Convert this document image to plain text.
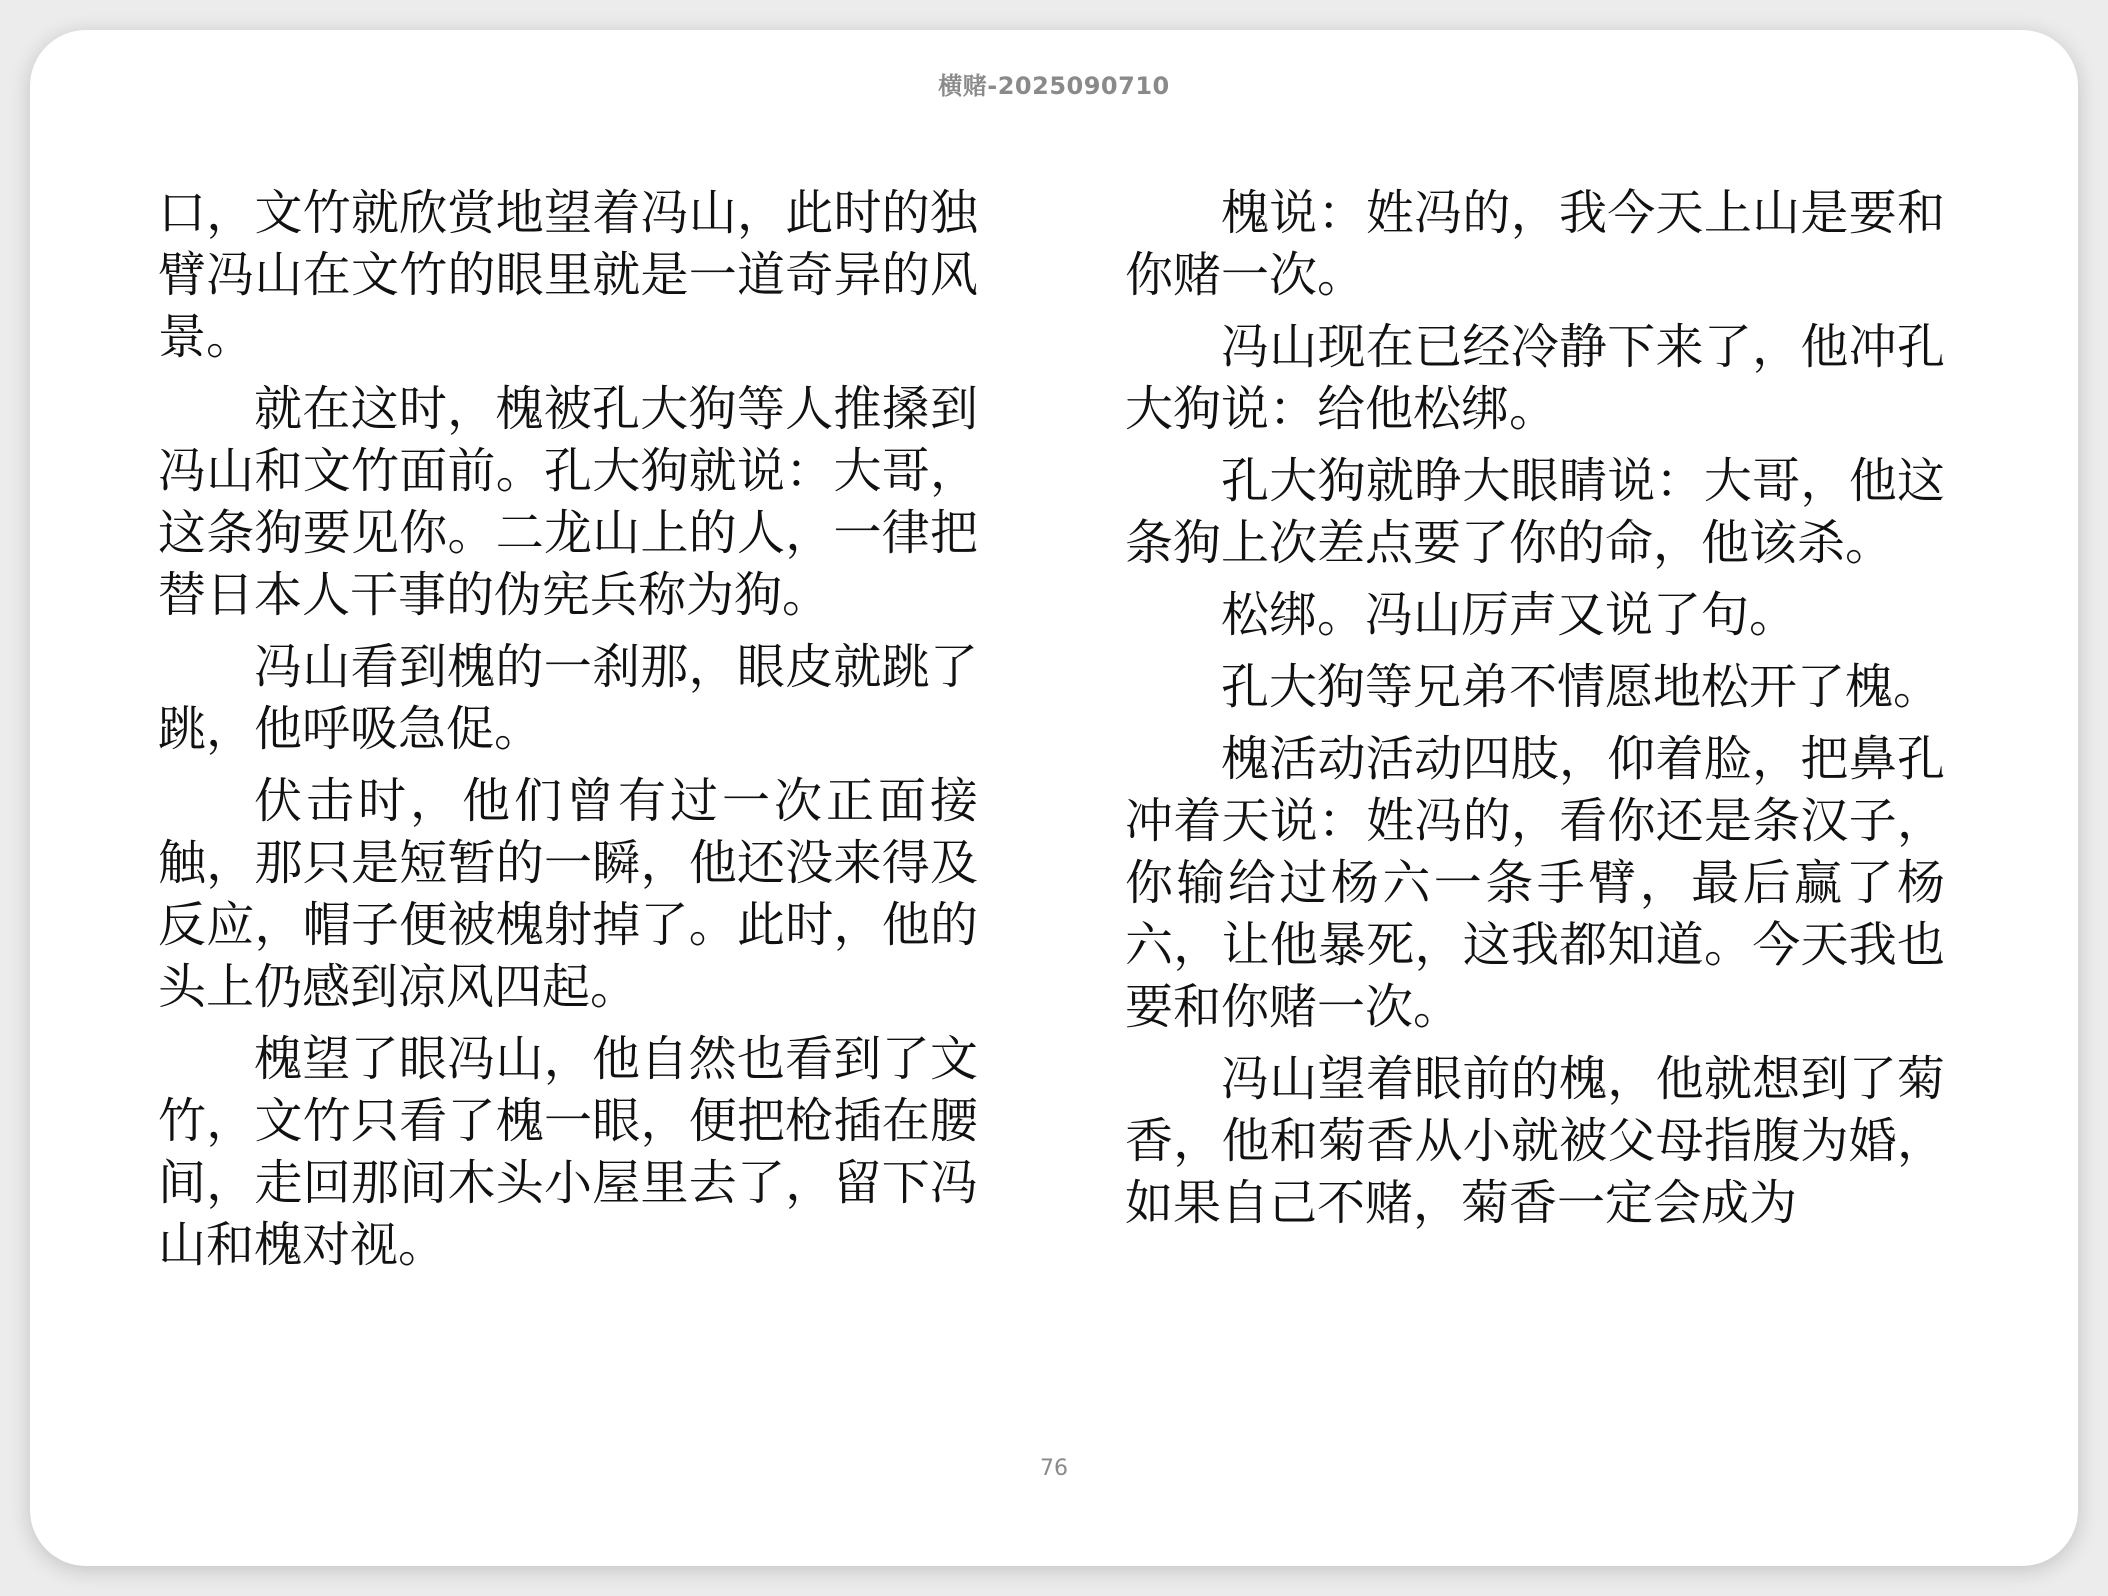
横赌-2025090710

口，文竹就欣赏地望着冯山，此时的独臂冯山在文竹的眼里就是一道奇异的风景。

就在这时，槐被孔大狗等人推搡到冯山和文竹面前。孔大狗就说：大哥，这条狗要见你。二龙山上的人，一律把替日本人干事的伪宪兵称为狗。

冯山看到槐的一刹那，眼皮就跳了跳，他呼吸急促。

伏击时，他们曾有过一次正面接触，那只是短暂的一瞬，他还没来得及反应，帽子便被槐射掉了。此时，他的头上仍感到凉风四起。

槐望了眼冯山，他自然也看到了文竹，文竹只看了槐一眼，便把枪插在腰间，走回那间木头小屋里去了，留下冯山和槐对视。

槐说：姓冯的，我今天上山是要和你赌一次。

冯山现在已经冷静下来了，他冲孔大狗说：给他松绑。

孔大狗就睁大眼睛说：大哥，他这条狗上次差点要了你的命，他该杀。

松绑。冯山厉声又说了句。

孔大狗等兄弟不情愿地松开了槐。

槐活动活动四肢，仰着脸，把鼻孔冲着天说：姓冯的，看你还是条汉子，你输给过杨六一条手臂，最后赢了杨六，让他暴死，这我都知道。今天我也要和你赌一次。

冯山望着眼前的槐，他就想到了菊香，他和菊香从小就被父母指腹为婚，如果自己不赌，菊香一定会成为

76
